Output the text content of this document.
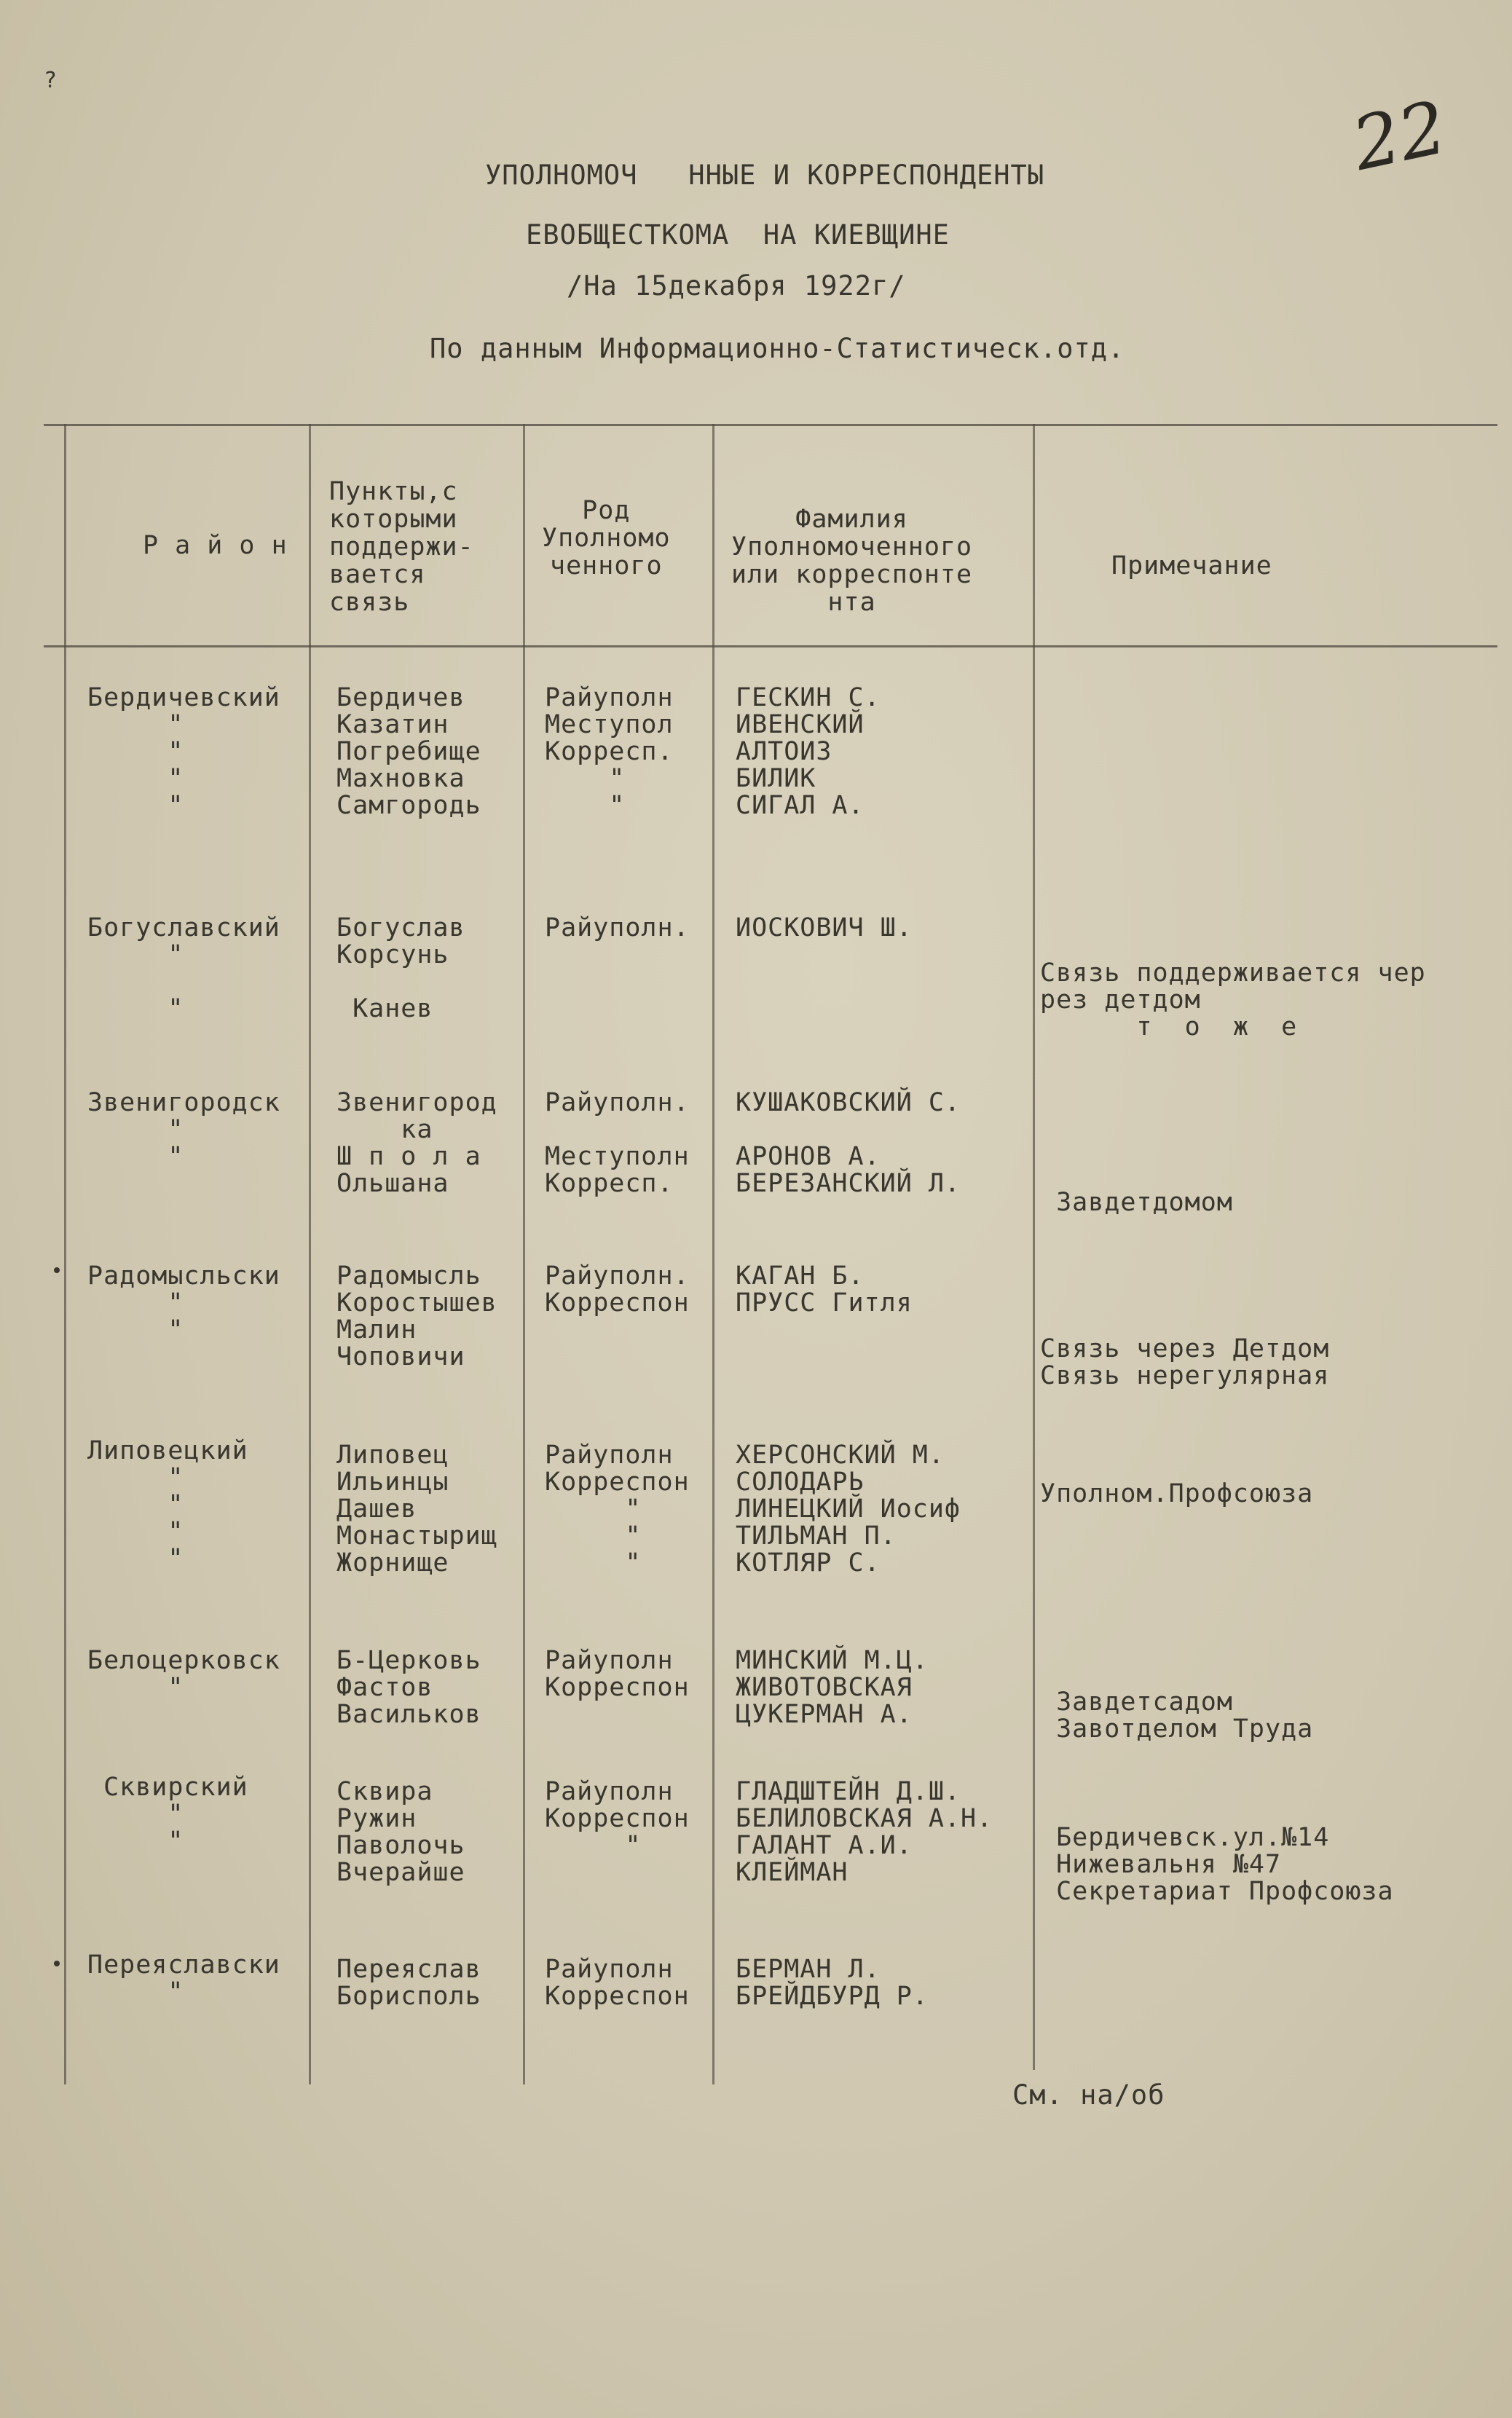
?
22
УПОЛНОМОЧ   ННЫЕ И КОРРЕСПОНДЕНТЫ
ЕВОБЩЕСТКОМА  НА КИЕВЩИНЕ
/На 15декабря 1922г/
По данным Информационно-Статистическ.отд.
Р а й о н
Пункты,с
которыми
поддержи-
вается
связь
Род
Уполномо
ченного
Фамилия
Уполномоченного
или корреспонте
нта
Примечание
Бердичевский
"
"
"
"
Бердичев
Казатин
Погребище
Махновка
Самгородь
Райуполн
Меступол
Корресп.
"
"
ГЕСКИН С.
ИВЕНСКИЙ
АЛТОИЗ
БИЛИК
СИГАЛ А.
Богуславский
"

"
Богуслав
Корсунь

Канев
Райуполн. ИОСКОВИЧ Ш.
Связь поддерживается чер
рез детдом
т  о  ж  е
Звенигородск
"
"
Звенигород
ка
Ш п о л а
Ольшана
Райуполн.

Меступолн
Корресп.
КУШАКОВСКИЙ С.

АРОНОВ А.
БЕРЕЗАНСКИЙ Л.

Завдетдомом
Радомысльски
"
"
Радомысль
Коростышев
Малин
Чоповичи
Райуполн.
Корреспон
КАГАН Б.
ПРУСС Гитля

Связь через Детдом
Связь нерегулярная
Липовецкий
"
"
"
"
Липовец
Ильинцы
Дашев
Монастырищ
Жорнище
Райуполн
Корреспон
"
"
"
ХЕРСОНСКИЙ М.
СОЛОДАРЬ
ЛИНЕЦКИЙ Иосиф
ТИЛЬМАН П.
КОТЛЯР С.

Уполном.Профсоюза
Белоцерковск
"
Б-Церковь
Фастов
Васильков
Райуполн
Корреспон
МИНСКИЙ М.Ц.
ЖИВОТОВСКАЯ
ЦУКЕРМАН А.	
Завдетсадом
Завотделом Труда
Сквирский
"
"
Сквира
Ружин
Паволочь
Вчерайше
Райуполн
Корреспон
"
ГЛАДШТЕЙН Д.Ш.
БЕЛИЛОВСКАЯ А.Н.
ГАЛАНТ А.И.
КЛЕЙМАН

Бердичевск.ул.№14
Нижевальня №47
Секретариат Профсоюза
Переяславски
"
Переяслав
Борисполь
Райуполн
Корреспон
БЕРМАН Л.
БРЕЙДБУРД Р.
См. на/об
